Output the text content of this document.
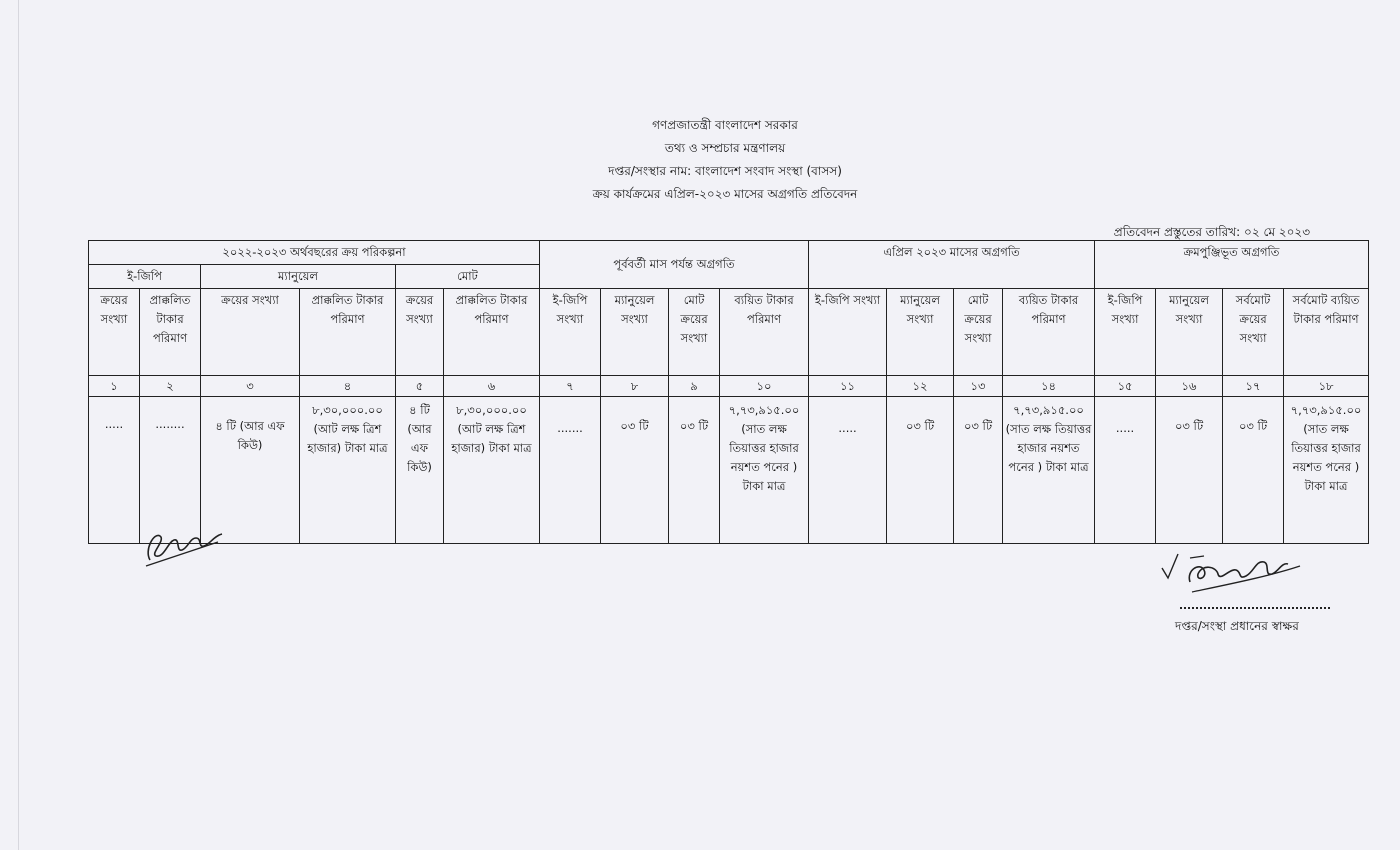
গণপ্রজাতন্ত্রী বাংলাদেশ সরকার
তথ্য ও সম্প্রচার মন্ত্রণালয়
দপ্তর/সংস্থার নাম: বাংলাদেশ সংবাদ সংস্থা (বাসস)
ক্রয় কার্যক্রমের এপ্রিল-২০২৩ মাসের অগ্রগতি প্রতিবেদন
প্রতিবেদন প্রস্তুতের তারিখ: ০২ মে ২০২৩
২০২২-২০২৩ অর্থবছরের ক্রয় পরিকল্পনা						পূর্ববর্তী মাস পর্যন্ত অগ্রগতি				এপ্রিল ২০২৩ মাসের অগ্রগতি				ক্রমপুঞ্জিভূত অগ্রগতি			
ই-জিপি		ম্যানুয়েল		মোট													
ক্রয়ের সংখ্যা	প্রাক্কলিত টাকার পরিমাণ	ক্রয়ের সংখ্যা	প্রাক্কলিত টাকার পরিমাণ	ক্রয়ের সংখ্যা	প্রাক্কলিত টাকার পরিমাণ	ই-জিপি সংখ্যা	ম্যানুয়েল সংখ্যা	মোট ক্রয়ের সংখ্যা	ব্যয়িত টাকার পরিমাণ	ই-জিপি সংখ্যা	ম্যানুয়েল সংখ্যা	মোট ক্রয়ের সংখ্যা	ব্যয়িত টাকার পরিমাণ	ই-জিপি সংখ্যা	ম্যানুয়েল সংখ্যা	সর্বমোট ক্রয়ের সংখ্যা	সর্বমোট ব্যয়িত টাকার পরিমাণ
১	২	৩	৪	৫	৬	৭	৮	৯	১০	১১	১২	১৩	১৪	১৫	১৬	১৭	১৮
.....	........	৪ টি (আর এফ কিউ)	৮,৩০,০০০.০০ (আট লক্ষ ত্রিশ হাজার) টাকা মাত্র	৪ টি (আর এফ কিউ)	৮,৩০,০০০.০০ (আট লক্ষ ত্রিশ হাজার) টাকা মাত্র	.......	০৩ টি	০৩ টি	৭,৭৩,৯১৫.০০ (সাত লক্ষ তিয়াত্তর হাজার নয়শত পনের ) টাকা মাত্র	.....	০৩ টি	০৩ টি	৭,৭৩,৯১৫.০০ (সাত লক্ষ তিয়াত্তর হাজার নয়শত পনের ) টাকা মাত্র	.....	০৩ টি	০৩ টি	৭,৭৩,৯১৫.০০ (সাত লক্ষ তিয়াত্তর হাজার নয়শত পনের ) টাকা মাত্র
দপ্তর/সংস্থা প্রধানের স্বাক্ষর
